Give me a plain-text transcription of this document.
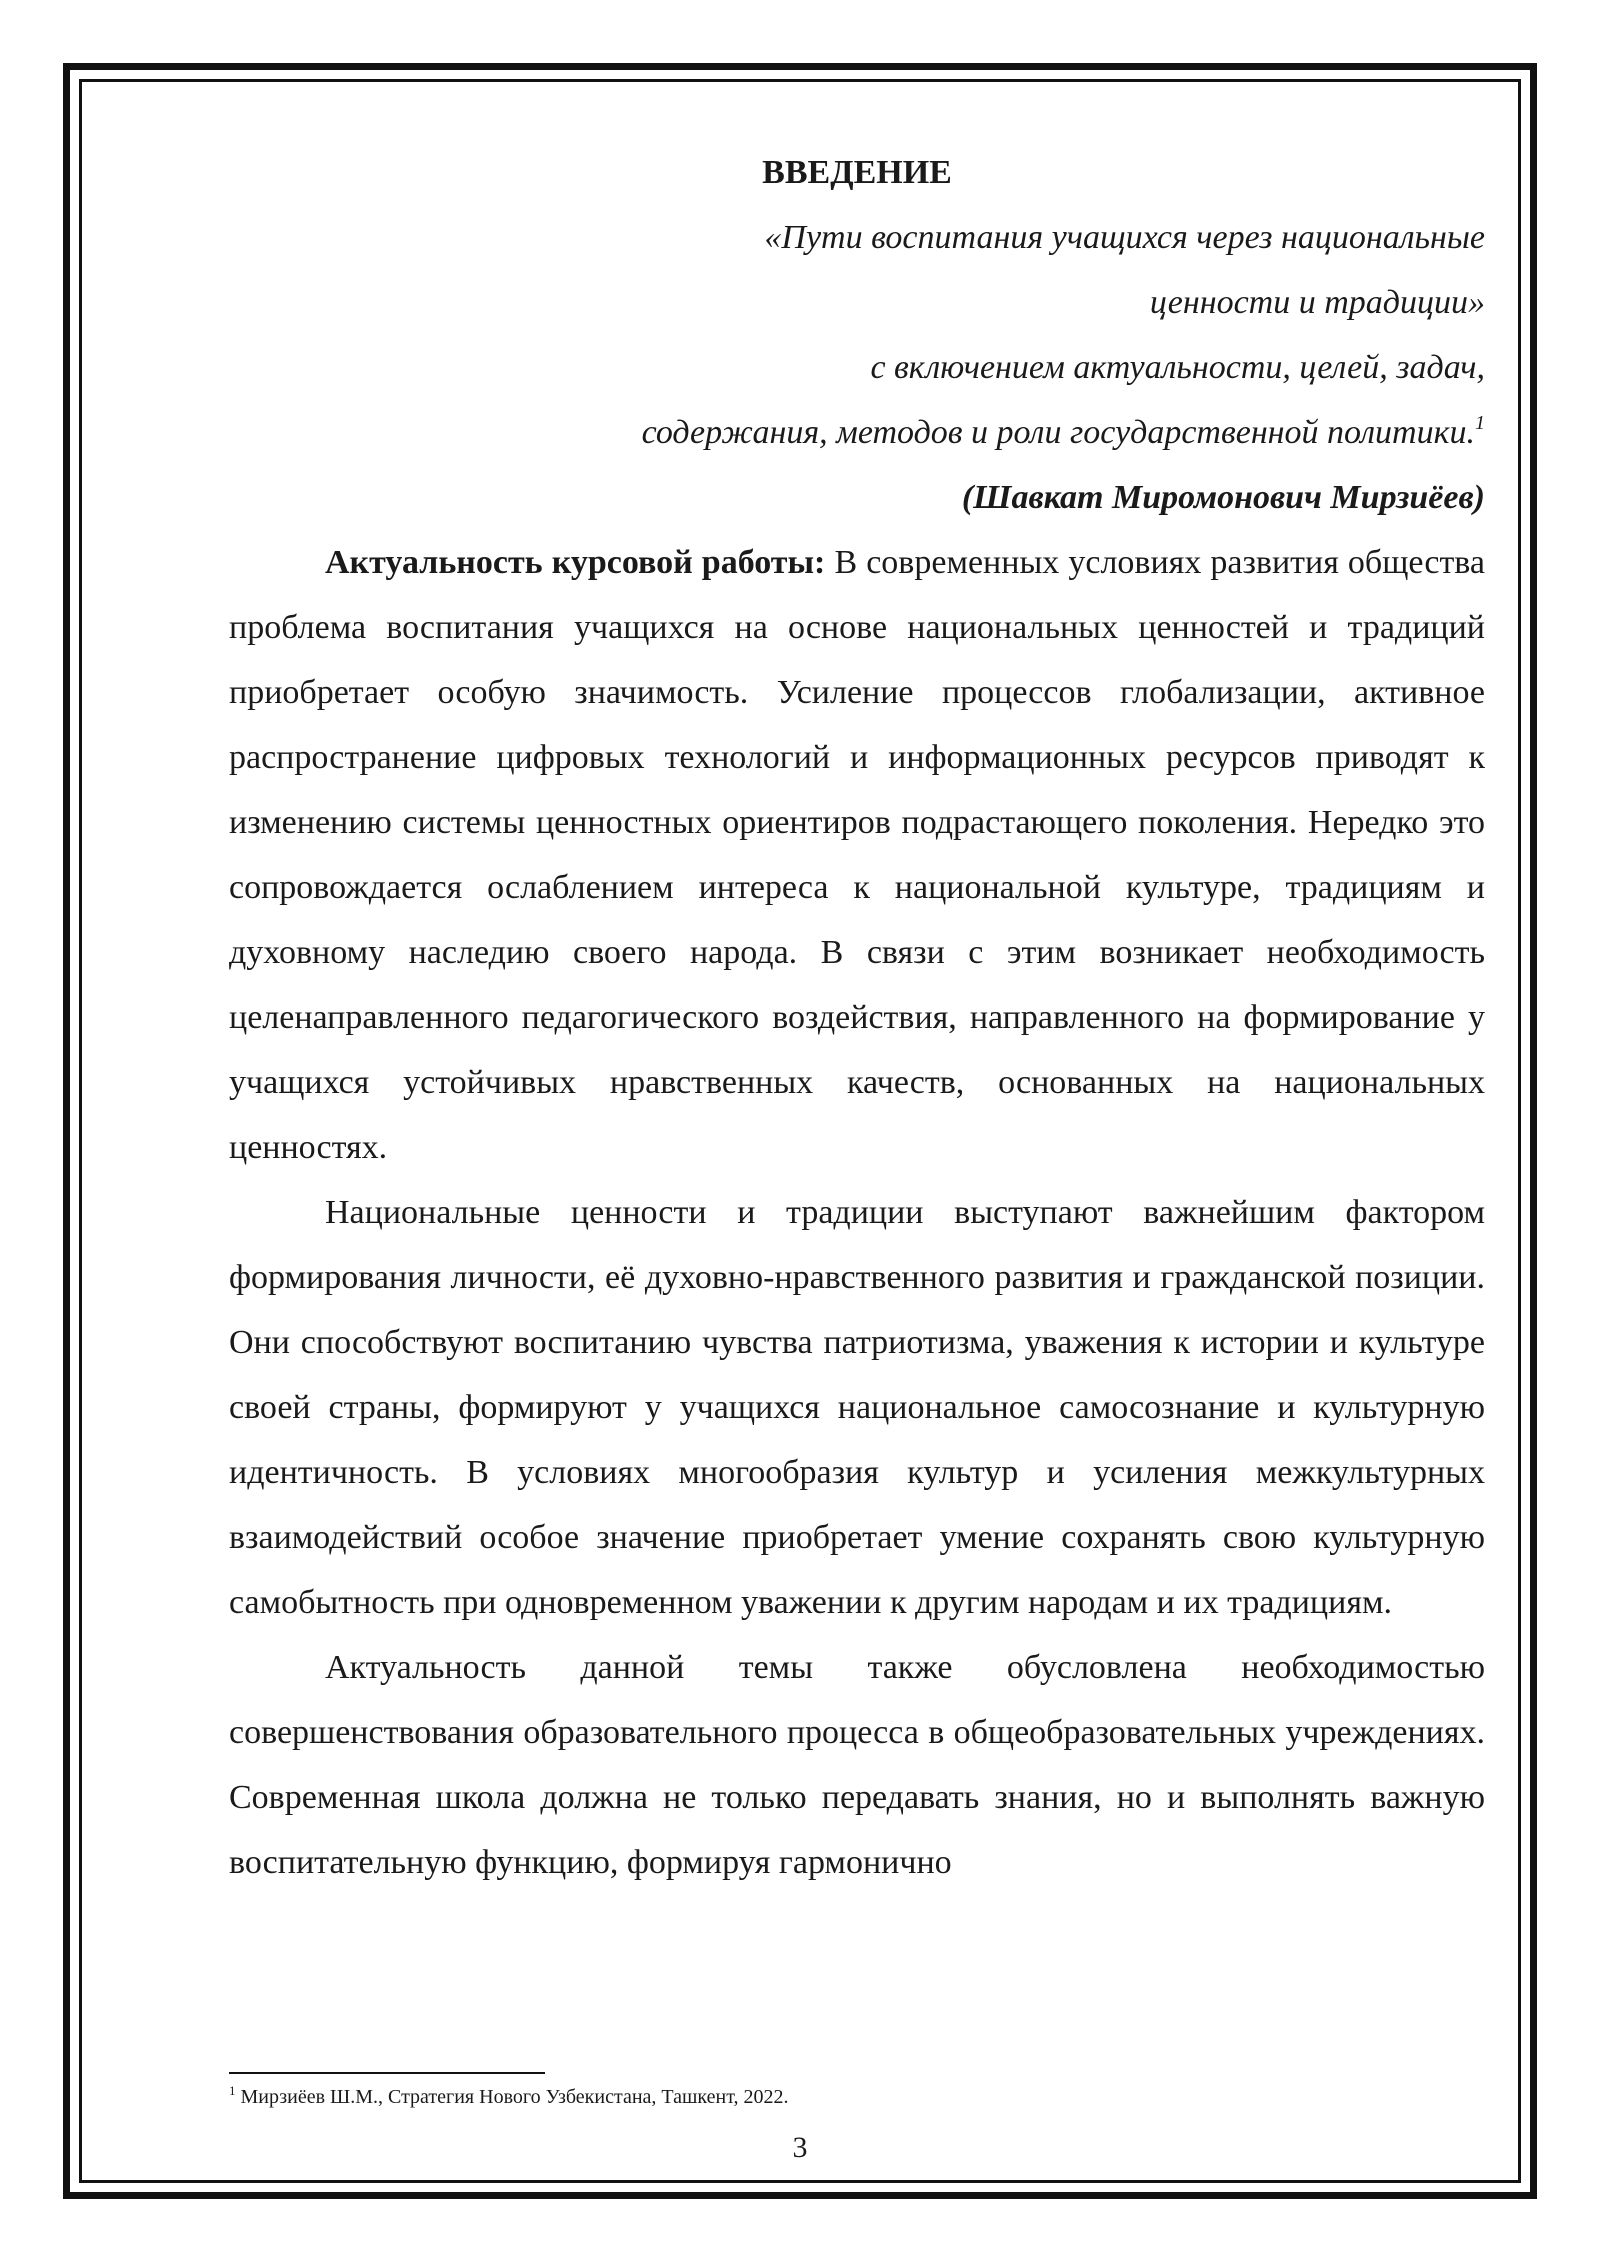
ВВЕДЕНИЕ

«Пути воспитания учащихся через национальные

ценности и традиции»

с включением актуальности, целей, задач,

содержания, методов и роли государственной политики.$^1$

(Шавкат Миромонович Мирзиёев)

Актуальность курсовой работы: В современных условиях развития общества проблема воспитания учащихся на основе национальных ценностей и традиций приобретает особую значимость. Усиление процессов глобализации, активное распространение цифровых технологий и информационных ресурсов приводят к изменению системы ценностных ориентиров подрастающего поколения. Нередко это сопровождается ослаблением интереса к национальной культуре, традициям и духовному наследию своего народа. В связи с этим возникает необходимость целенаправленного педагогического воздействия, направленного на формирование у учащихся устойчивых нравственных качеств, основанных на национальных ценностях.

Национальные ценности и традиции выступают важнейшим фактором формирования личности, её духовно-нравственного развития и гражданской позиции. Они способствуют воспитанию чувства патриотизма, уважения к истории и культуре своей страны, формируют у учащихся национальное самосознание и культурную идентичность. В условиях многообразия культур и усиления межкультурных взаимодействий особое значение приобретает умение сохранять свою культурную самобытность при одновременном уважении к другим народам и их традициям.

Актуальность данной темы также обусловлена необходимостью совершенствования образовательного процесса в общеобразовательных учреждениях. Современная школа должна не только передавать знания, но и выполнять важную воспитательную функцию, формируя гармонично

$^1$ Мирзиёев Ш.М., Стратегия Нового Узбекистана, Ташкент, 2022.
3
